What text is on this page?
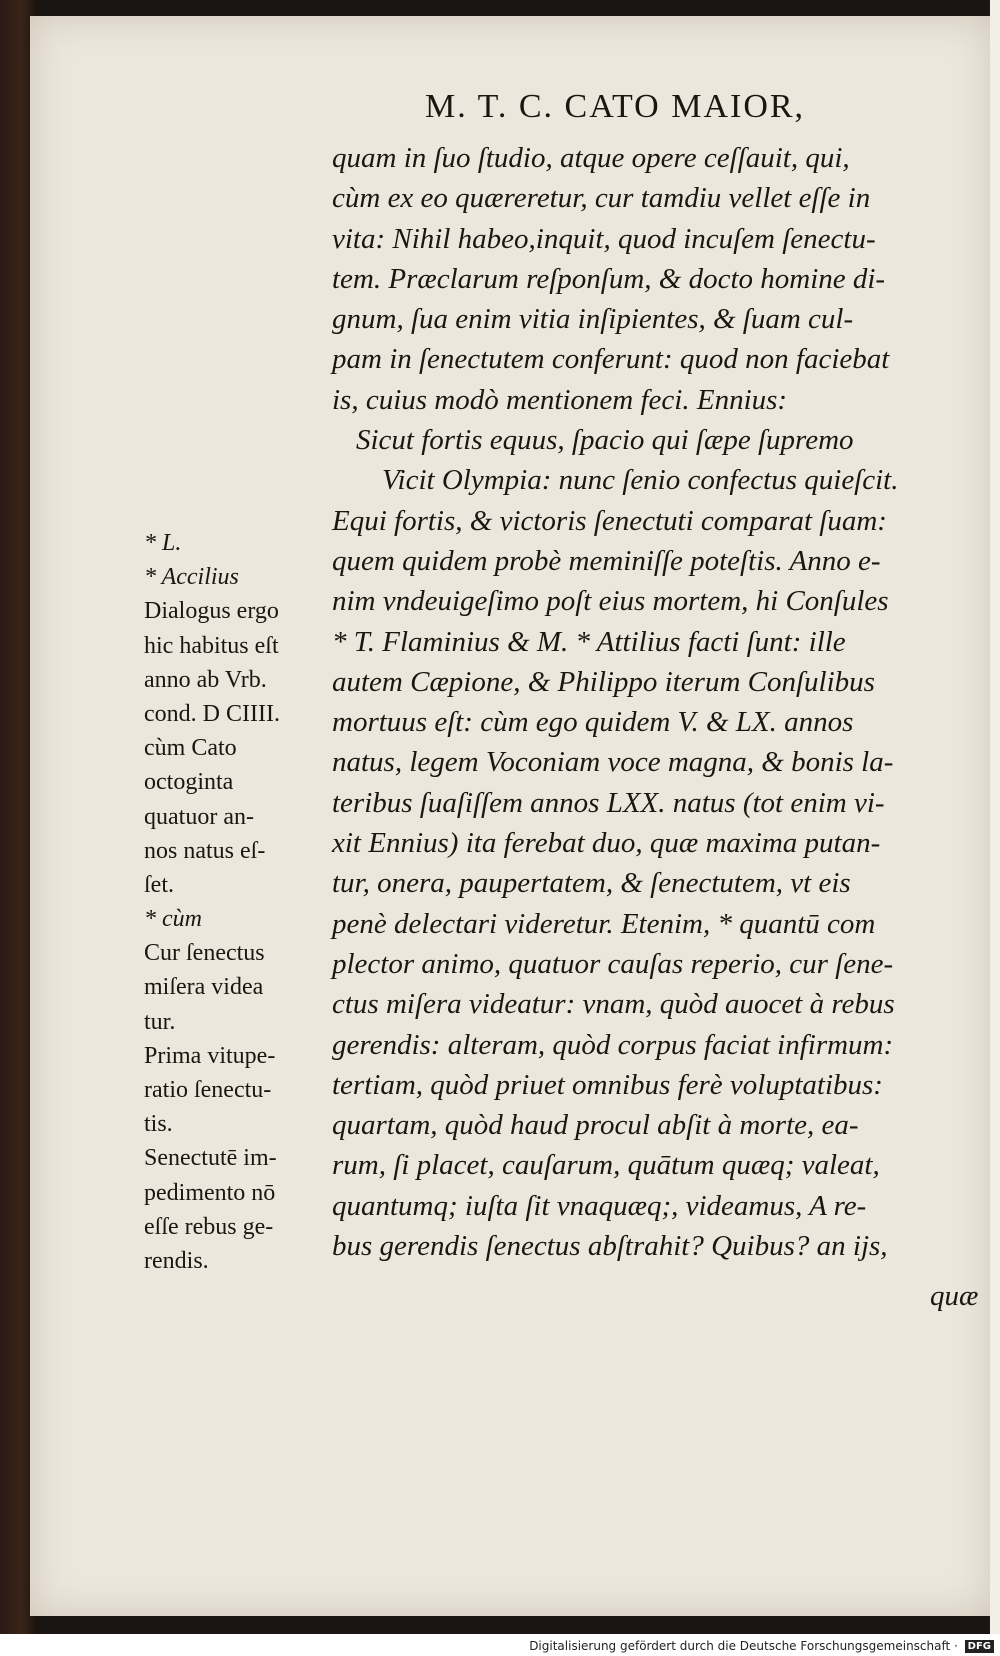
M. T. C. CATO MAIOR,
quam in ſuo ſtudio, atque opere ceſſauit, qui,
cùm ex eo quæreretur, cur tamdiu vellet eſſe in
vita: Nihil habeo,inquit, quod incuſem ſenectu-
tem. Præclarum reſponſum, & docto homine di-
gnum, ſua enim vitia inſipientes, & ſuam cul-
pam in ſenectutem conferunt: quod non faciebat
is, cuius modò mentionem feci. Ennius:
Sicut fortis equus, ſpacio qui ſæpe ſupremo
Vicit Olympia: nunc ſenio confectus quieſcit.
Equi fortis, & victoris ſenectuti comparat ſuam:
quem quidem probè meminiſſe poteſtis. Anno e-
nim vndeuigeſimo poſt eius mortem, hi Conſules
* T. Flaminius & M. * Attilius facti ſunt: ille
autem Cæpione, & Philippo iterum Conſulibus
mortuus eſt: cùm ego quidem V. & LX. annos
natus, legem Voconiam voce magna, & bonis la-
teribus ſuaſiſſem annos LXX. natus (tot enim vi-
xit Ennius) ita ferebat duo, quæ maxima putan-
tur, onera, paupertatem, & ſenectutem, vt eis
penè delectari videretur. Etenim, * quantū com
plector animo, quatuor cauſas reperio, cur ſene-
ctus miſera videatur: vnam, quòd auocet à rebus
gerendis: alteram, quòd corpus faciat infirmum:
tertiam, quòd priuet omnibus ferè voluptatibus:
quartam, quòd haud procul abſit à morte, ea-
rum, ſi placet, cauſarum, quātum quæq; valeat,
quantumq; iuſta ſit vnaquæq;, videamus, A re-
bus gerendis ſenectus abſtrahit? Quibus? an ijs,
* L.
* Accilius
Dialogus ergo
hic habitus eſt
anno ab Vrb.
cond. D CIIII.
cùm Cato
octoginta
quatuor an-
nos natus eſ-
ſet.
* cùm
Cur ſenectus
miſera videa
tur.
Prima vitupe-
ratio ſenectu-
tis.
Senectutē im-
pedimento nō
eſſe rebus ge-
rendis.
quæ
Digitalisierung gefördert durch die Deutsche Forschungsgemeinschaft · DFG
